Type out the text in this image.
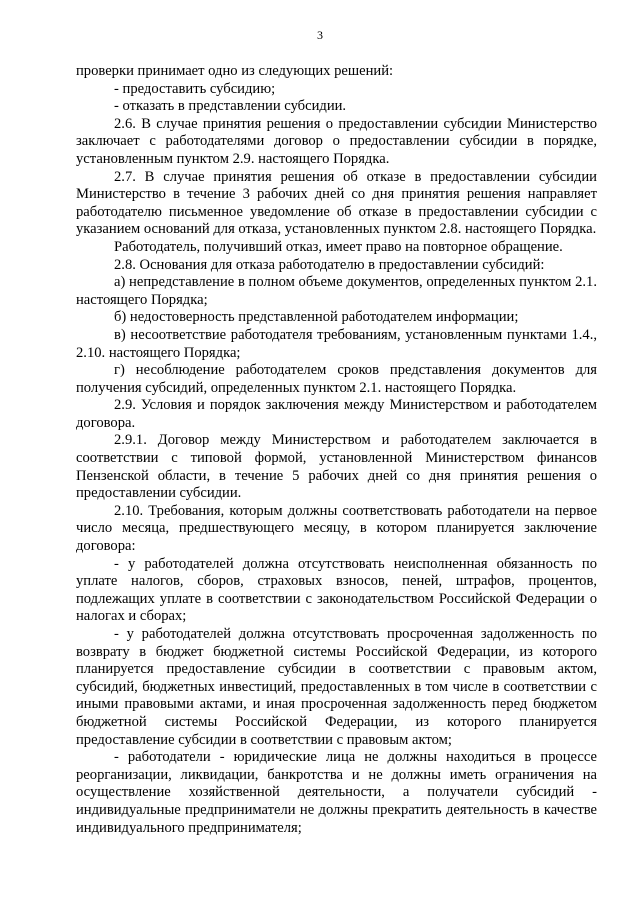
3

проверки принимает одно из следующих решений:

- предоставить субсидию;

- отказать в представлении субсидии.

2.6. В случае принятия решения о предоставлении субсидии Министерство заключает с работодателями договор о предоставлении субсидии в порядке, установленным пунктом 2.9. настоящего Порядка.

2.7. В случае принятия решения об отказе в предоставлении субсидии Министерство в течение 3 рабочих дней со дня принятия решения направляет работодателю письменное уведомление об отказе в предоставлении субсидии с указанием оснований для отказа, установленных пунктом 2.8. настоящего Порядка.

Работодатель, получивший отказ, имеет право на повторное обращение.

2.8. Основания для отказа работодателю в предоставлении субсидий:

а) непредставление в полном объеме документов, определенных пунктом 2.1. настоящего Порядка;

б) недостоверность представленной работодателем информации;

в) несоответствие работодателя требованиям, установленным пунктами 1.4., 2.10. настоящего Порядка;

г) несоблюдение работодателем сроков представления документов для получения субсидий, определенных пунктом 2.1. настоящего Порядка.

2.9. Условия и порядок заключения между Министерством и работодателем договора.

2.9.1. Договор между Министерством и работодателем заключается в соответствии с типовой формой, установленной Министерством финансов Пензенской области, в течение 5 рабочих дней со дня принятия решения о предоставлении субсидии.

2.10. Требования, которым должны соответствовать работодатели на первое число месяца, предшествующего месяцу, в котором планируется заключение договора:

- у работодателей должна отсутствовать неисполненная обязанность по уплате налогов, сборов, страховых взносов, пеней, штрафов, процентов, подлежащих уплате в соответствии с законодательством Российской Федерации о налогах и сборах;

- у работодателей должна отсутствовать просроченная задолженность по возврату в бюджет бюджетной системы Российской Федерации, из которого планируется предоставление субсидии в соответствии с правовым актом, субсидий, бюджетных инвестиций, предоставленных в том числе в соответствии с иными правовыми актами, и иная просроченная задолженность перед бюджетом бюджетной системы Российской Федерации, из которого планируется предоставление субсидии в соответствии с правовым актом;

- работодатели - юридические лица не должны находиться в процессе реорганизации, ликвидации, банкротства и не должны иметь ограничения на осуществление хозяйственной деятельности, а получатели субсидий - индивидуальные предприниматели не должны прекратить деятельность в качестве индивидуального предпринимателя;
